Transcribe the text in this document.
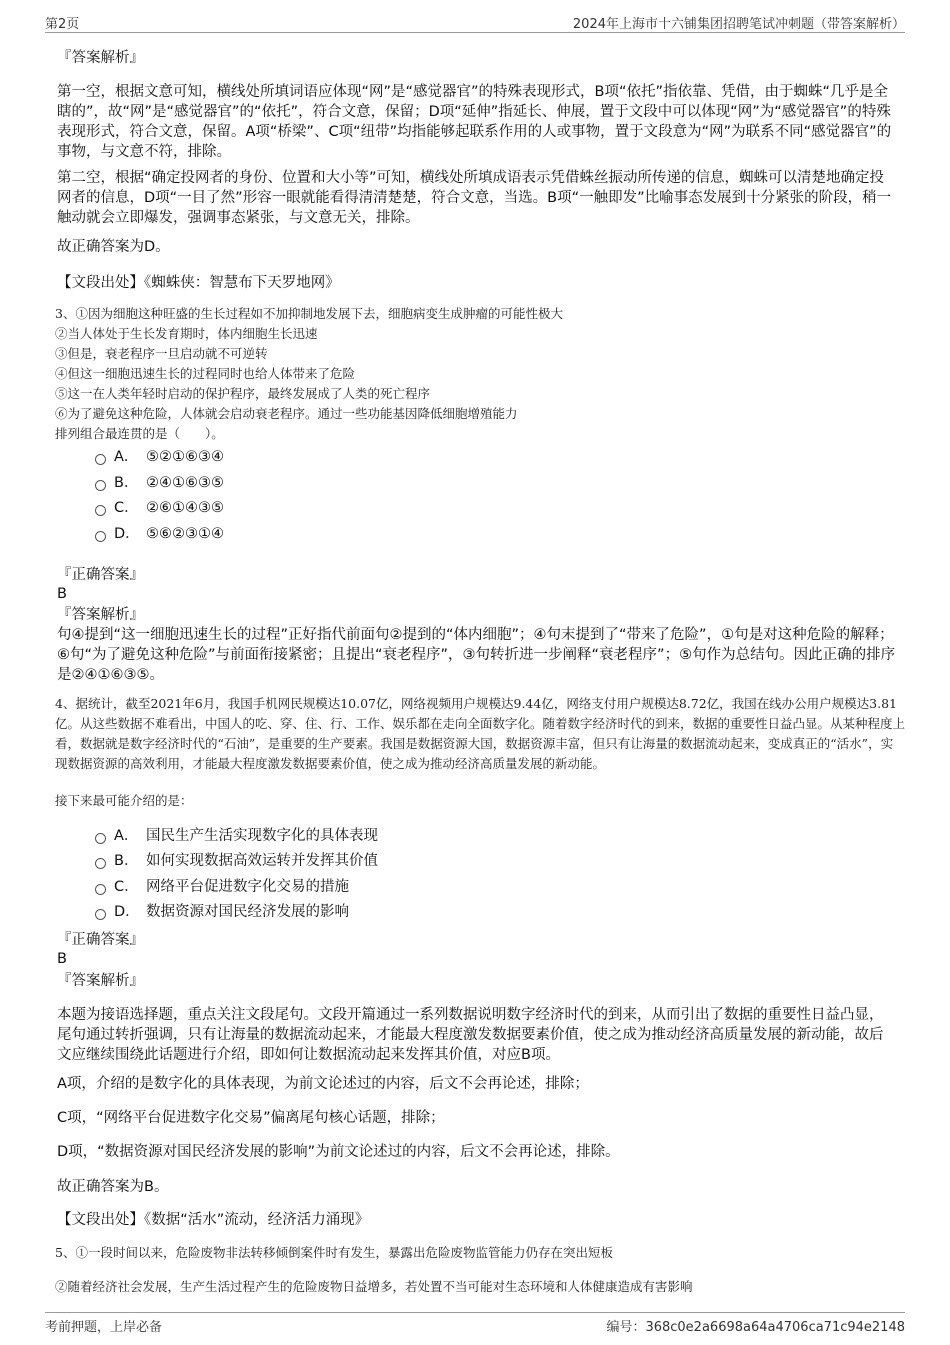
第2页	2024年上海市十六铺集团招聘笔试冲刺题（带答案解析）

『答案解析』

第一空，根据文意可知，横线处所填词语应体现“网”是“感觉器官”的特殊表现形式，B项“依托”指依靠、凭借，由于蜘蛛“几乎是全瞎的”，故“网”是“感觉器官”的“依托”，符合文意，保留；D项“延伸”指延长、伸展，置于文段中可以体现“网”为“感觉器官”的特殊表现形式，符合文意，保留。A项“桥梁”、C项“纽带”均指能够起联系作用的人或事物，置于文段意为“网”为联系不同“感觉器官”的事物，与文意不符，排除。

第二空，根据“确定投网者的身份、位置和大小等”可知，横线处所填成语表示凭借蛛丝振动所传递的信息，蜘蛛可以清楚地确定投网者的信息，D项“一目了然”形容一眼就能看得清清楚楚，符合文意，当选。B项“一触即发”比喻事态发展到十分紧张的阶段，稍一触动就会立即爆发，强调事态紧张，与文意无关，排除。

故正确答案为D。

【文段出处】《蜘蛛侠：智慧布下天罗地网》

3、①因为细胞这种旺盛的生长过程如不加抑制地发展下去，细胞病变生成肿瘤的可能性极大

②当人体处于生长发育期时，体内细胞生长迅速

③但是，衰老程序一旦启动就不可逆转

④但这一细胞迅速生长的过程同时也给人体带来了危险

⑤这一在人类年轻时启动的保护程序，最终发展成了人类的死亡程序

⑥为了避免这种危险，人体就会启动衰老程序。通过一些功能基因降低细胞增殖能力

排列组合最连贯的是（　　）。

A． ⑤②①⑥③④
B． ②④①⑥③⑤
C． ②⑥①④③⑤
D． ⑤⑥②③①④

『正确答案』

B

『答案解析』

句④提到“这一细胞迅速生长的过程”正好指代前面句②提到的“体内细胞”；④句末提到了“带来了危险”，①句是对这种危险的解释；⑥句“为了避免这种危险”与前面衔接紧密；且提出“衰老程序”，③句转折进一步阐释“衰老程序”；⑤句作为总结句。因此正确的排序是②④①⑥③⑤。

4、据统计，截至2021年6月，我国手机网民规模达10.07亿，网络视频用户规模达9.44亿，网络支付用户规模达8.72亿，我国在线办公用户规模达3.81亿。从这些数据不难看出，中国人的吃、穿、住、行、工作、娱乐都在走向全面数字化。随着数字经济时代的到来，数据的重要性日益凸显。从某种程度上看，数据就是数字经济时代的“石油”，是重要的生产要素。我国是数据资源大国，数据资源丰富，但只有让海量的数据流动起来，变成真正的“活水”，实现数据资源的高效利用，才能最大程度激发数据要素价值，使之成为推动经济高质量发展的新动能。

接下来最可能介绍的是：

A． 国民生产生活实现数字化的具体表现
B． 如何实现数据高效运转并发挥其价值
C． 网络平台促进数字化交易的措施
D． 数据资源对国民经济发展的影响

『正确答案』

B

『答案解析』

本题为接语选择题，重点关注文段尾句。文段开篇通过一系列数据说明数字经济时代的到来，从而引出了数据的重要性日益凸显，尾句通过转折强调，只有让海量的数据流动起来，才能最大程度激发数据要素价值，使之成为推动经济高质量发展的新动能，故后文应继续围绕此话题进行介绍，即如何让数据流动起来发挥其价值，对应B项。

A项，介绍的是数字化的具体表现，为前文论述过的内容，后文不会再论述，排除；

C项，“网络平台促进数字化交易”偏离尾句核心话题，排除；

D项，“数据资源对国民经济发展的影响”为前文论述过的内容，后文不会再论述，排除。

故正确答案为B。

【文段出处】《数据“活水”流动，经济活力涌现》

5、①一段时间以来，危险废物非法转移倾倒案件时有发生，暴露出危险废物监管能力仍存在突出短板

②随着经济社会发展，生产生活过程产生的危险废物日益增多，若处置不当可能对生态环境和人体健康造成有害影响

考前押题，上岸必备	编号：368c0e2a6698a64a4706ca71c94e2148
